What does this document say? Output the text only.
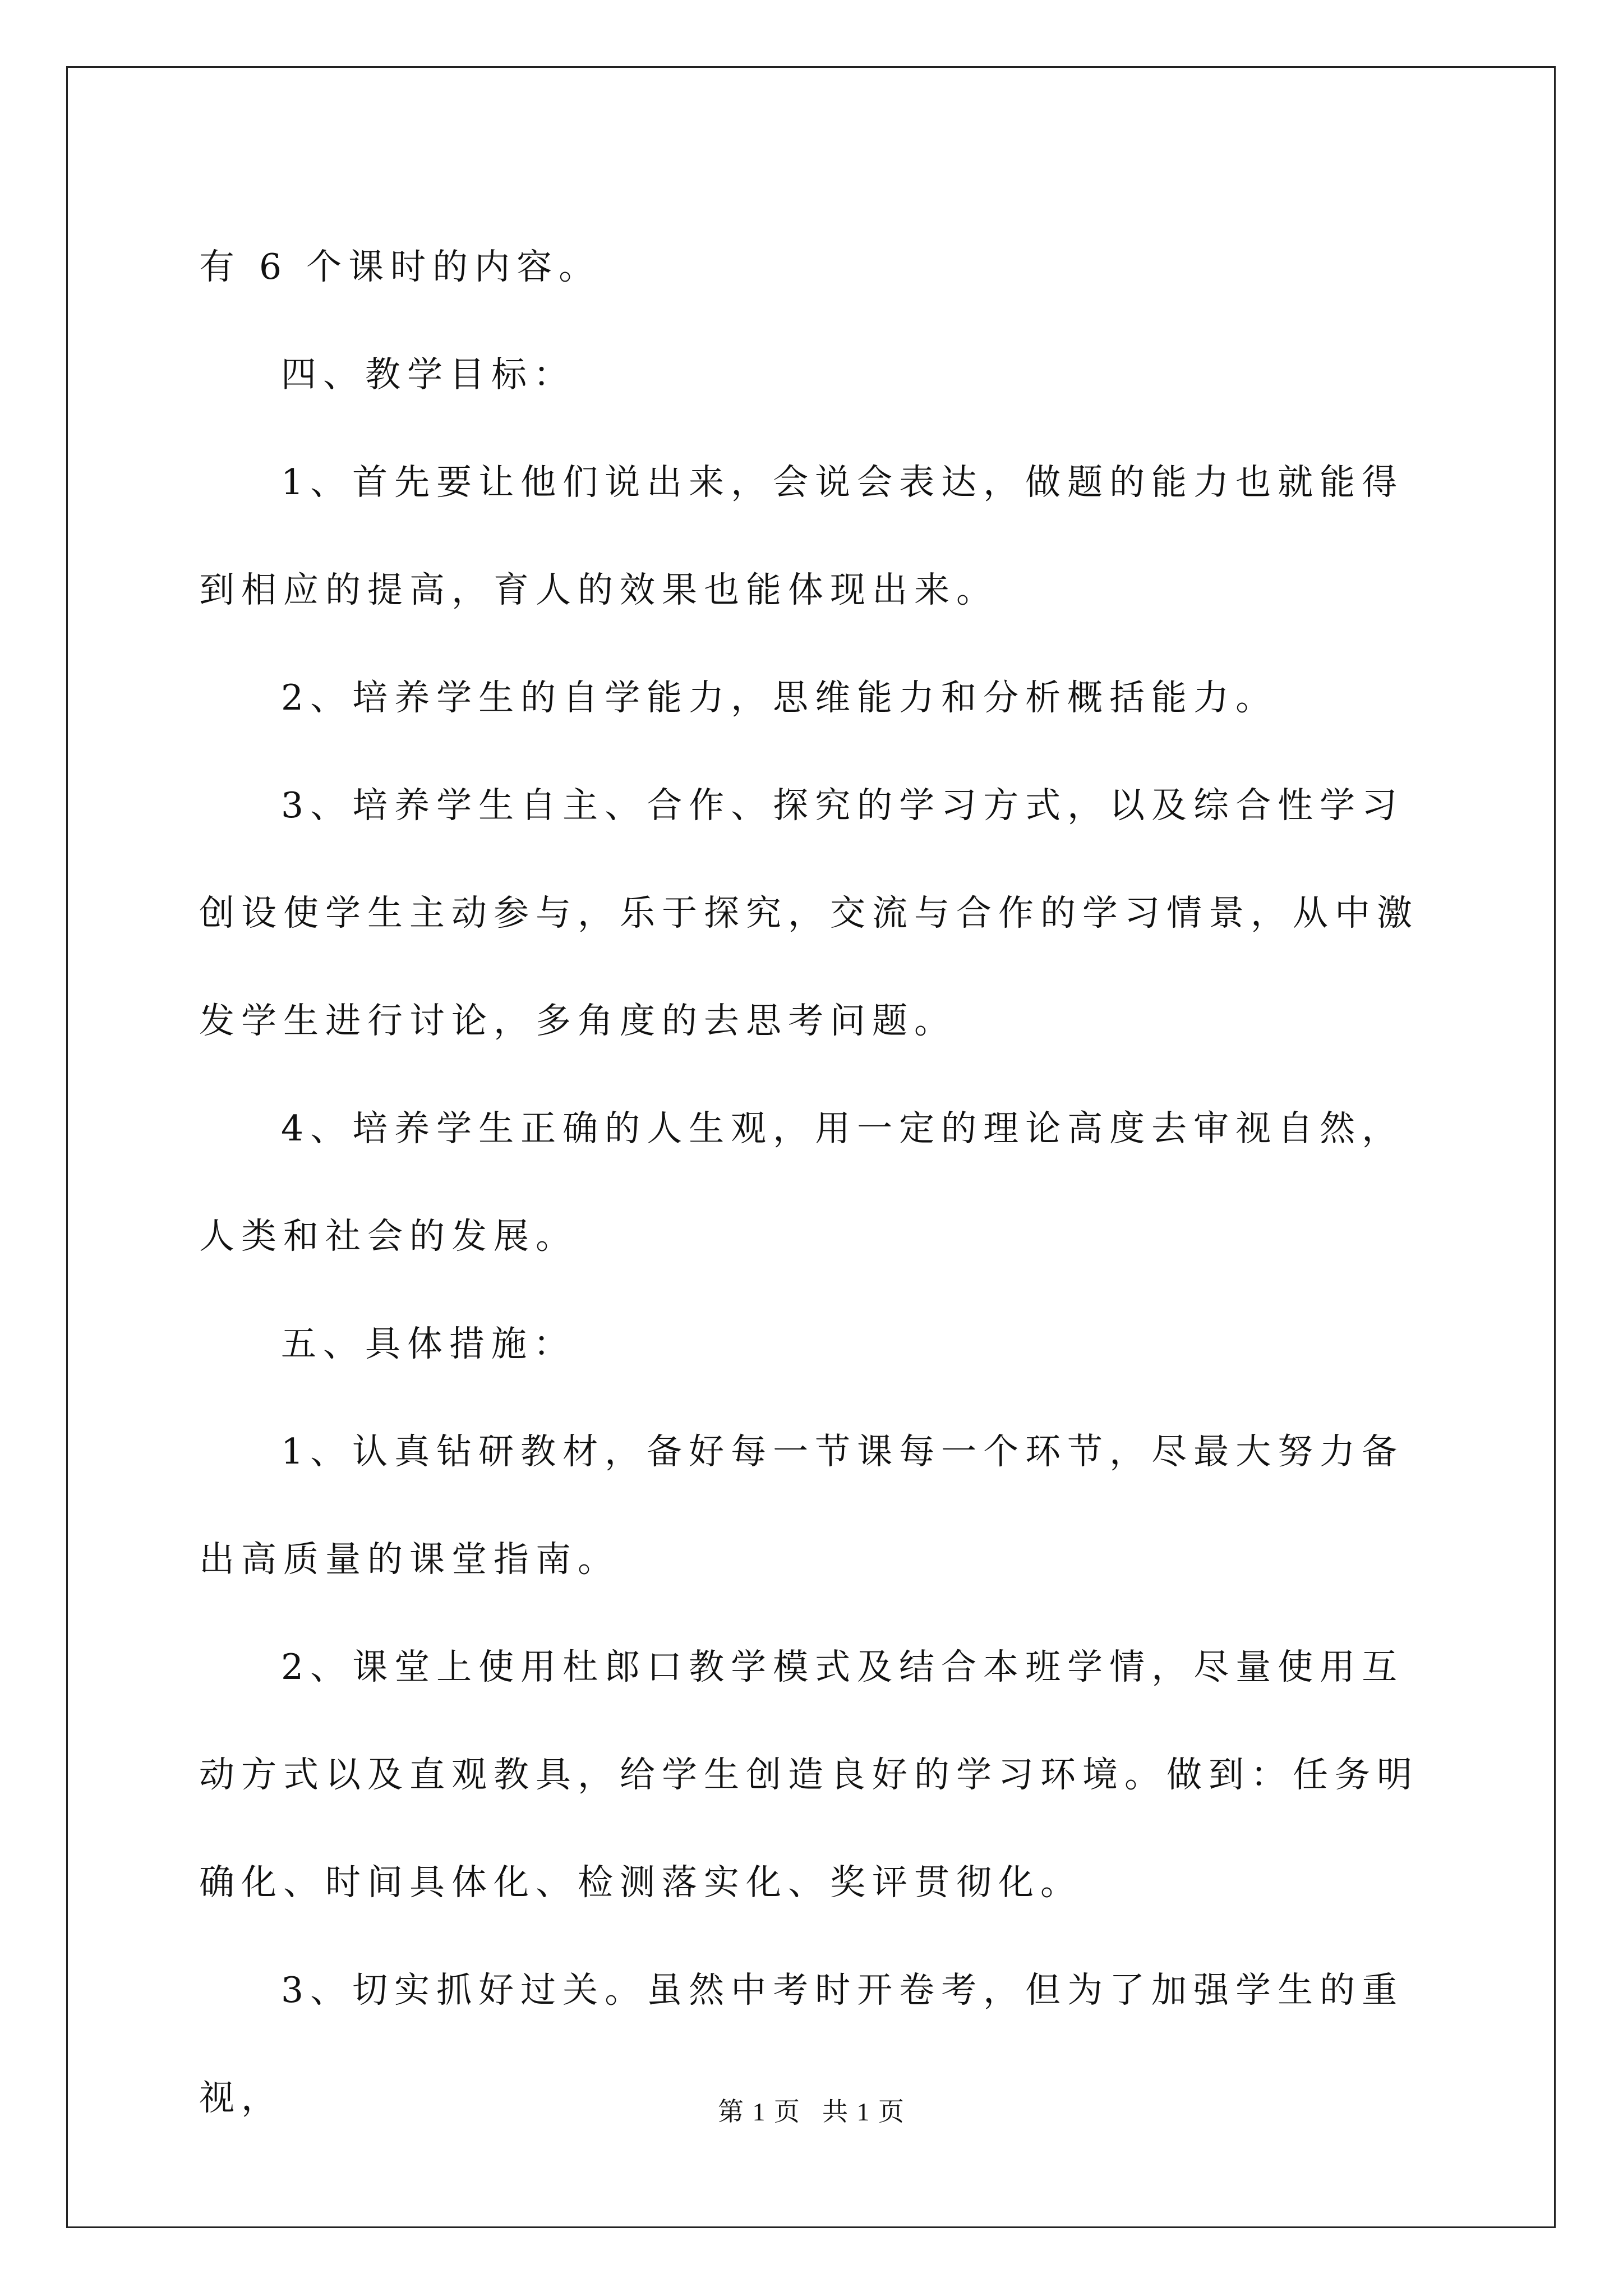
有 6 个课时的内容。

四、教学目标：

1、首先要让他们说出来，会说会表达，做题的能力也就能得到相应的提高，育人的效果也能体现出来。

2、培养学生的自学能力，思维能力和分析概括能力。

3、培养学生自主、合作、探究的学习方式，以及综合性学习创设使学生主动参与，乐于探究，交流与合作的学习情景，从中激发学生进行讨论，多角度的去思考问题。

4、培养学生正确的人生观，用一定的理论高度去审视自然，人类和社会的发展。

五、具体措施：

1、认真钻研教材，备好每一节课每一个环节，尽最大努力备出高质量的课堂指南。

2、课堂上使用杜郎口教学模式及结合本班学情，尽量使用互动方式以及直观教具，给学生创造良好的学习环境。做到：任务明确化、时间具体化、检测落实化、奖评贯彻化。

3、切实抓好过关。虽然中考时开卷考，但为了加强学生的重视，	第 1 页 共 1 页
